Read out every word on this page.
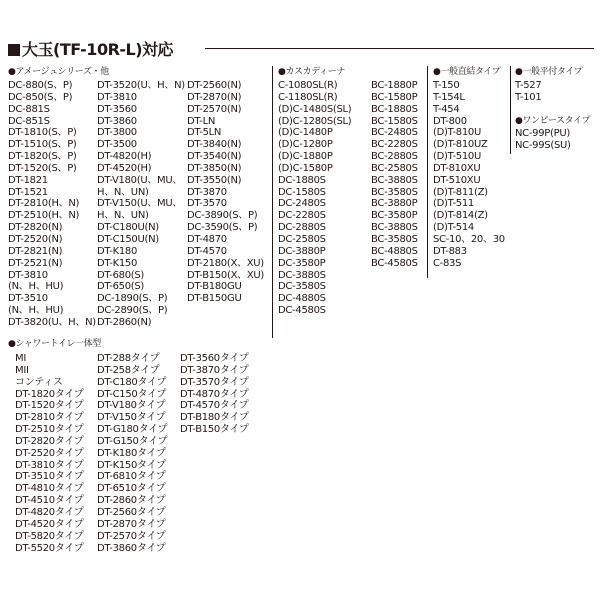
大玉(TF-10R-L)対応
●アメージュシリーズ・他
DC-880(S、P)
DC-850(S、P)
DC-881S
DC-851S
DT-1810(S、P)
DT-1510(S、P)
DT-1820(S、P)
DT-1520(S、P)
DT-1821
DT-1521
DT-2810(H、N)
DT-2510(H、N)
DT-2820(N)
DT-2520(N)
DT-2821(N)
DT-2521(N)
DT-3810
(N、H、HU)
DT-3510
(N、H、HU)
DT-3820(U、H、N)
DT-3520(U、H、N)
DT-3810
DT-3560
DT-3860
DT-3800
DT-3500
DT-4820(H)
DT-4520(H)
DT-V180(U、MU、
H、N、UN)
DT-V150(U、MU、
H、N、UN)
DT-C180U(N)
DT-C150U(N)
DT-K180
DT-K150
DT-680(S)
DT-650(S)
DC-1890(S、P)
DC-2890(S、P)
DT-2860(N)
DT-2560(N)
DT-2870(N)
DT-2570(N)
DT-LN
DT-5LN
DT-3840(N)
DT-3540(N)
DT-3850(N)
DT-3550(N)
DT-3870
DT-3570
DC-3890(S、P)
DC-3590(S、P)
DT-4870
DT-4570
DT-2180(X、XU)
DT-B150(X、XU)
DT-B180GU
DT-B150GU
●カスカディーナ
C-1080SL(R)
C-1180SL(R)
(D)C-1480S(SL)
(D)C-1280S(SL)
(D)C-1480P
(D)C-1280P
(D)C-1880P
(D)C-1580P
DC-1880S
DC-1580S
DC-2480S
DC-2280S
DC-2880S
DC-2580S
DC-3880P
DC-3580P
DC-3880S
DC-3580S
DC-4880S
DC-4580S
BC-1880P
BC-1580P
BC-1880S
BC-1580S
BC-2480S
BC-2280S
BC-2880S
BC-2580S
BC-3880S
BC-3580S
BC-3880P
BC-3580P
BC-3880S
BC-3580S
BC-4880S
BC-4580S
●一般直結タイプ
T-150
T-154L
T-454
DT-800
(D)T-810U
(D)T-810UZ
(D)T-510U
DT-810XU
DT-510XU
(D)T-811(Z)
(D)T-511
(D)T-814(Z)
(D)T-514
SC-10、20、30
DT-883
C-83S
●一般平付タイプ
T-527
T-101
●ワンピースタイプ
NC-99P(PU)
NC-99S(SU)
●シャワートイレ一体型
MI
MII
コンティス
DT-1820タイプ
DT-1520タイプ
DT-2810タイプ
DT-2510タイプ
DT-2820タイプ
DT-2520タイプ
DT-3810タイプ
DT-3510タイプ
DT-4810タイプ
DT-4510タイプ
DT-4820タイプ
DT-4520タイプ
DT-5820タイプ
DT-5520タイプ
DT-288タイプ
DT-258タイプ
DT-C180タイプ
DT-C150タイプ
DT-V180タイプ
DT-V150タイプ
DT-G180タイプ
DT-G150タイプ
DT-K180タイプ
DT-K150タイプ
DT-6810タイプ
DT-6510タイプ
DT-2860タイプ
DT-2560タイプ
DT-2870タイプ
DT-2570タイプ
DT-3860タイプ
DT-3560タイプ
DT-3870タイプ
DT-3570タイプ
DT-4870タイプ
DT-4570タイプ
DT-B180タイプ
DT-B150タイプ
